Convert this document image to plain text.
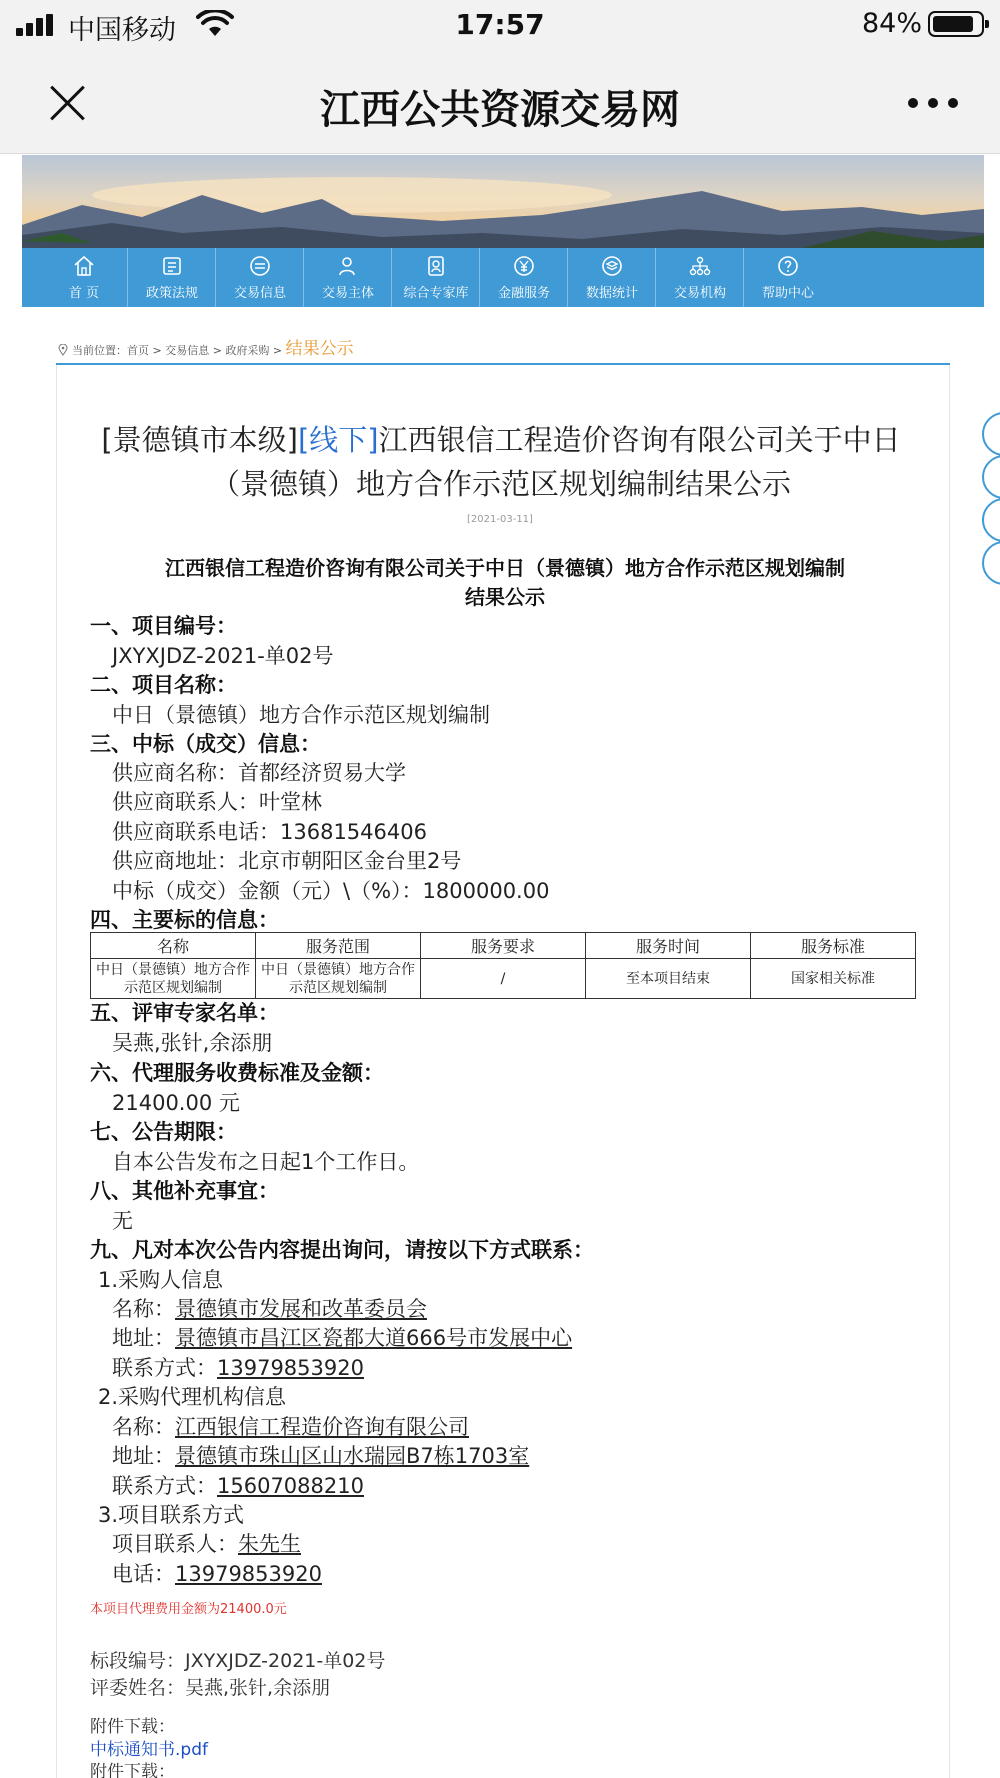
中国移动	17:57	84%
江西公共资源交易网
首 页	政策法规	交易信息	交易主体	综合专家库	金融服务	数据统计	交易机构	帮助中心
当前位置：首页 > 交易信息 > 政府采购 > 结果公示
[景德镇市本级][线下]江西银信工程造价咨询有限公司关于中日
（景德镇）地方合作示范区规划编制结果公示
[2021-03-11]
江西银信工程造价咨询有限公司关于中日（景德镇）地方合作示范区规划编制
结果公示
一、项目编号：
JXYXJDZ-2021-单02号
二、项目名称：
中日（景德镇）地方合作示范区规划编制
三、中标（成交）信息：
供应商名称：首都经济贸易大学
供应商联系人：叶堂林
供应商联系电话：13681546406
供应商地址：北京市朝阳区金台里2号
中标（成交）金额（元）\（%）：1800000.00
四、主要标的信息：
名称	服务范围	服务要求	服务时间	服务标准
中日（景德镇）地方合作示范区规划编制	中日（景德镇）地方合作示范区规划编制	/	至本项目结束	国家相关标准
五、评审专家名单：
吴燕,张针,余添朋
六、代理服务收费标准及金额：
21400.00 元
七、公告期限：
自本公告发布之日起1个工作日。
八、其他补充事宜：
无
九、凡对本次公告内容提出询问，请按以下方式联系：
1.采购人信息
名称：景德镇市发展和改革委员会
地址：景德镇市昌江区瓷都大道666号市发展中心
联系方式：13979853920
2.采购代理机构信息
名称：江西银信工程造价咨询有限公司
地址：景德镇市珠山区山水瑞园B7栋1703室
联系方式：15607088210
3.项目联系方式
项目联系人：朱先生
电话：13979853920
本项目代理费用金额为21400.0元
标段编号：JXYXJDZ-2021-单02号
评委姓名：吴燕,张针,余添朋
附件下载：
中标通知书.pdf
附件下载：
